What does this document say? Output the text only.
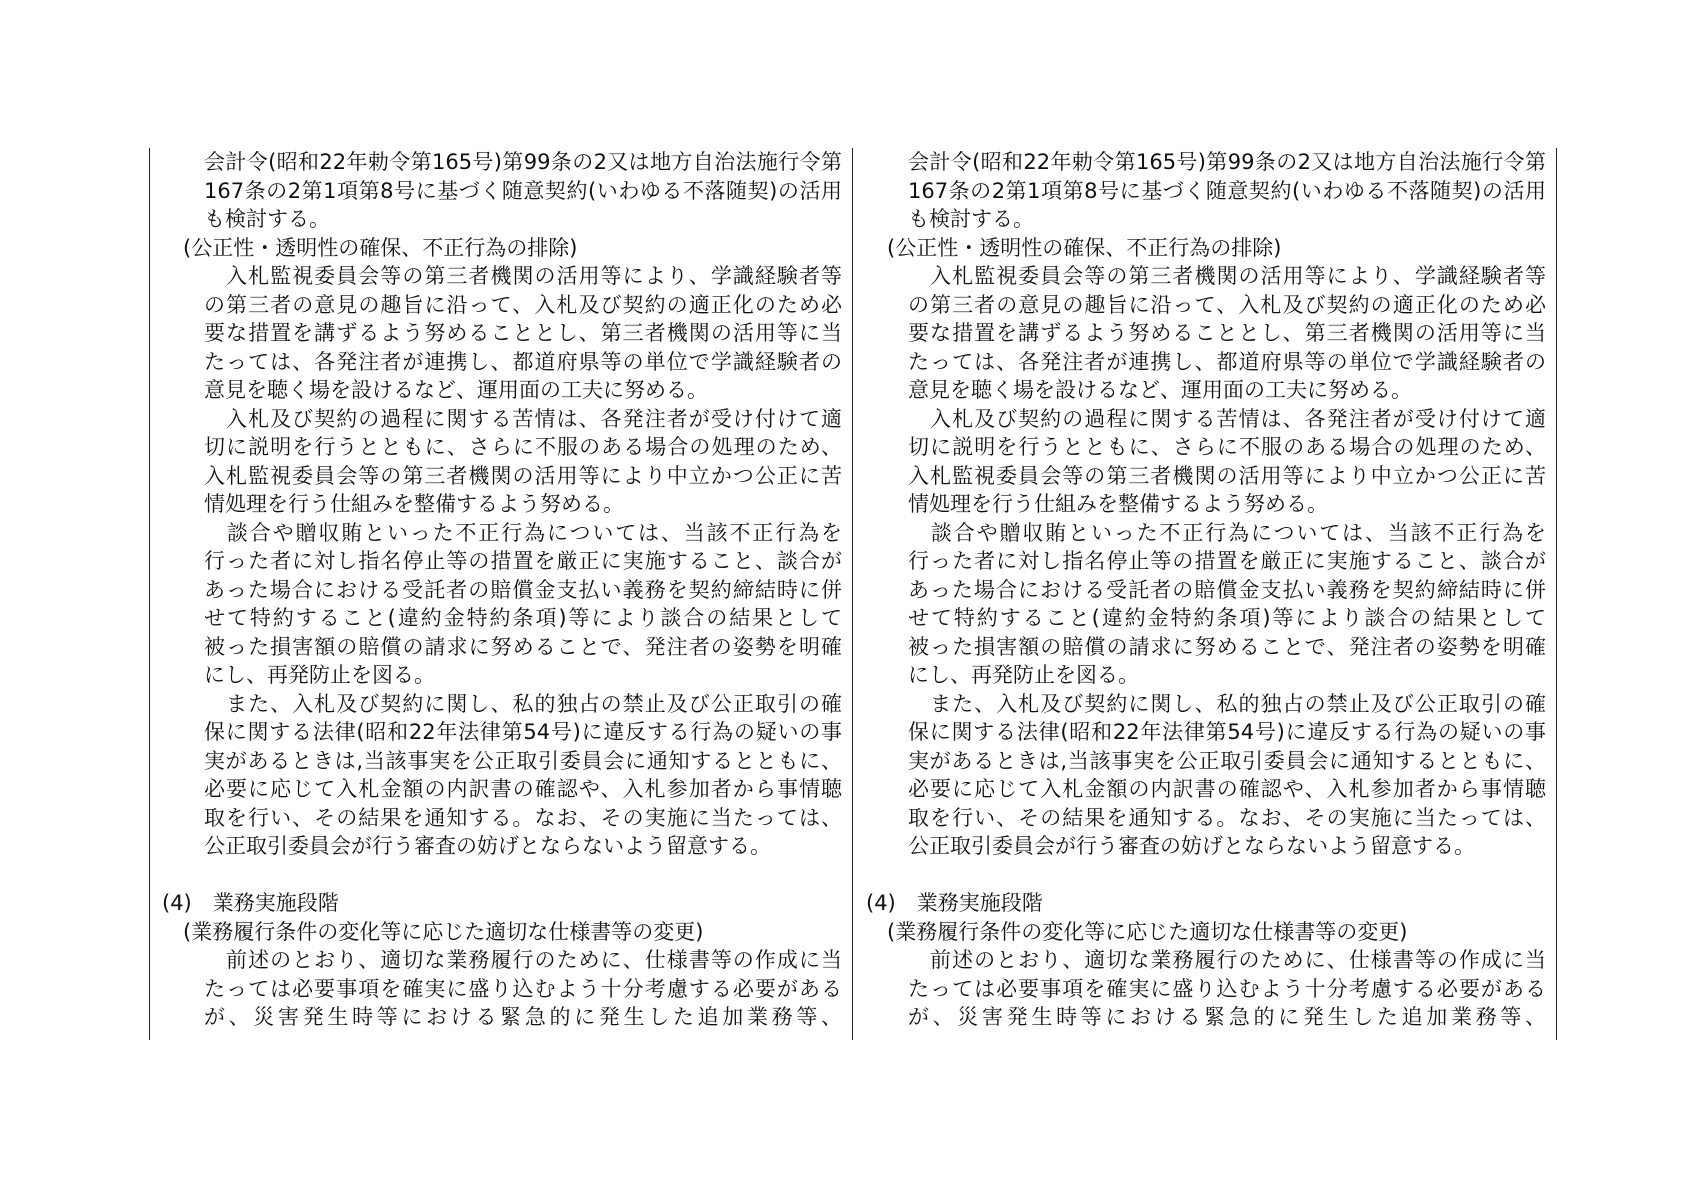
会計令(昭和22年勅令第165号)第99条の2又は地方自治法施行令第
167条の2第1項第8号に基づく随意契約(いわゆる不落随契)の活用
も検討する。
(公正性・透明性の確保、不正行為の排除)
　入札監視委員会等の第三者機関の活用等により、学識経験者等
の第三者の意見の趣旨に沿って、入札及び契約の適正化のため必
要な措置を講ずるよう努めることとし、第三者機関の活用等に当
たっては、各発注者が連携し、都道府県等の単位で学識経験者の
意見を聴く場を設けるなど、運用面の工夫に努める。
　入札及び契約の過程に関する苦情は、各発注者が受け付けて適
切に説明を行うとともに、さらに不服のある場合の処理のため、
入札監視委員会等の第三者機関の活用等により中立かつ公正に苦
情処理を行う仕組みを整備するよう努める。
　談合や贈収賄といった不正行為については、当該不正行為を
行った者に対し指名停止等の措置を厳正に実施すること、談合が
あった場合における受託者の賠償金支払い義務を契約締結時に併
せて特約すること(違約金特約条項)等により談合の結果として
被った損害額の賠償の請求に努めることで、発注者の姿勢を明確
にし、再発防止を図る。
　また、入札及び契約に関し、私的独占の禁止及び公正取引の確
保に関する法律(昭和22年法律第54号)に違反する行為の疑いの事
実があるときは,当該事実を公正取引委員会に通知するとともに、
必要に応じて入札金額の内訳書の確認や、入札参加者から事情聴
取を行い、その結果を通知する。なお、その実施に当たっては、
公正取引委員会が行う審査の妨げとならないよう留意する。
(4)　業務実施段階
(業務履行条件の変化等に応じた適切な仕様書等の変更)
　前述のとおり、適切な業務履行のために、仕様書等の作成に当
たっては必要事項を確実に盛り込むよう十分考慮する必要がある
が、災害発生時等における緊急的に発生した追加業務等、
会計令(昭和22年勅令第165号)第99条の2又は地方自治法施行令第
167条の2第1項第8号に基づく随意契約(いわゆる不落随契)の活用
も検討する。
(公正性・透明性の確保、不正行為の排除)
　入札監視委員会等の第三者機関の活用等により、学識経験者等
の第三者の意見の趣旨に沿って、入札及び契約の適正化のため必
要な措置を講ずるよう努めることとし、第三者機関の活用等に当
たっては、各発注者が連携し、都道府県等の単位で学識経験者の
意見を聴く場を設けるなど、運用面の工夫に努める。
　入札及び契約の過程に関する苦情は、各発注者が受け付けて適
切に説明を行うとともに、さらに不服のある場合の処理のため、
入札監視委員会等の第三者機関の活用等により中立かつ公正に苦
情処理を行う仕組みを整備するよう努める。
　談合や贈収賄といった不正行為については、当該不正行為を
行った者に対し指名停止等の措置を厳正に実施すること、談合が
あった場合における受託者の賠償金支払い義務を契約締結時に併
せて特約すること(違約金特約条項)等により談合の結果として
被った損害額の賠償の請求に努めることで、発注者の姿勢を明確
にし、再発防止を図る。
　また、入札及び契約に関し、私的独占の禁止及び公正取引の確
保に関する法律(昭和22年法律第54号)に違反する行為の疑いの事
実があるときは,当該事実を公正取引委員会に通知するとともに、
必要に応じて入札金額の内訳書の確認や、入札参加者から事情聴
取を行い、その結果を通知する。なお、その実施に当たっては、
公正取引委員会が行う審査の妨げとならないよう留意する。
(4)　業務実施段階
(業務履行条件の変化等に応じた適切な仕様書等の変更)
　前述のとおり、適切な業務履行のために、仕様書等の作成に当
たっては必要事項を確実に盛り込むよう十分考慮する必要がある
が、災害発生時等における緊急的に発生した追加業務等、
